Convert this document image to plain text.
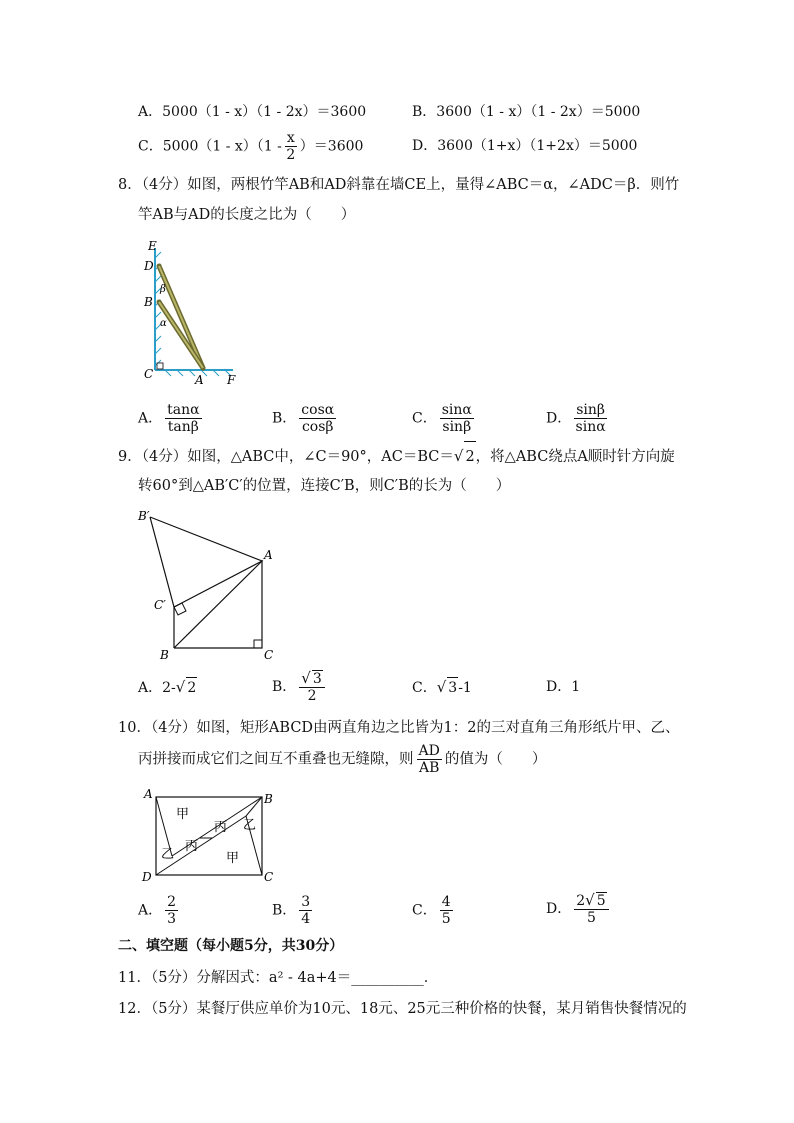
A．5000（1 - x）（1 - 2x）＝3600	B．3600（1 - x）（1 - 2x）＝5000
C．$5000(1 - x)(1 - \frac{x}{2} )=3600$	D．3600（1+x）（1+2x）＝5000
8．（4分）如图，两根竹竿AB和AD斜靠在墙CE上，量得∠ABC＝α，∠ADC＝β．则竹
竿AB与AD的长度之比为（　　）
E
D
B
C	A F
β
α
A． $\frac{\tan\alpha}{\tan\beta}$	B． $\frac{\cos\alpha}{\cos\beta}$	C． $\frac{\sin\alpha}{\sin\beta}$	D． $\frac{\sin\beta}{\sin\alpha}$
9．（4分）如图，△ABC中，∠C＝90°，AC＝BC＝√ 2，将△ABC绕点A顺时针方向旋
转60°到△AB′C′的位置，连接C′B，则C′B的长为（　　）
B′
A
C′
B	C
A．2-√ 2	B． $\frac{√ 3}{2}$	C．√ 3-1	D．1
10．（4分）如图，矩形ABCD由两直角边之比皆为1：2的三对直角三角形纸片甲、乙、
丙拼接而成它们之间互不重叠也无缝隙，则 $\frac{AD}{AB}$ 的值为（　　）
A	B
D	C
甲
甲
乙
乙
丙
丙
A． $\frac{2}{3}$	B． $\frac{3}{4}$	C． $\frac{4}{5}$	D． $\frac{2√ 5}{5}$
二、填空题（每小题5分，共30分）
11．（5分）分解因式：a² - 4a+4＝__________．
12．（5分）某餐厅供应单价为10元、18元、25元三种价格的快餐，某月销售快餐情况的
